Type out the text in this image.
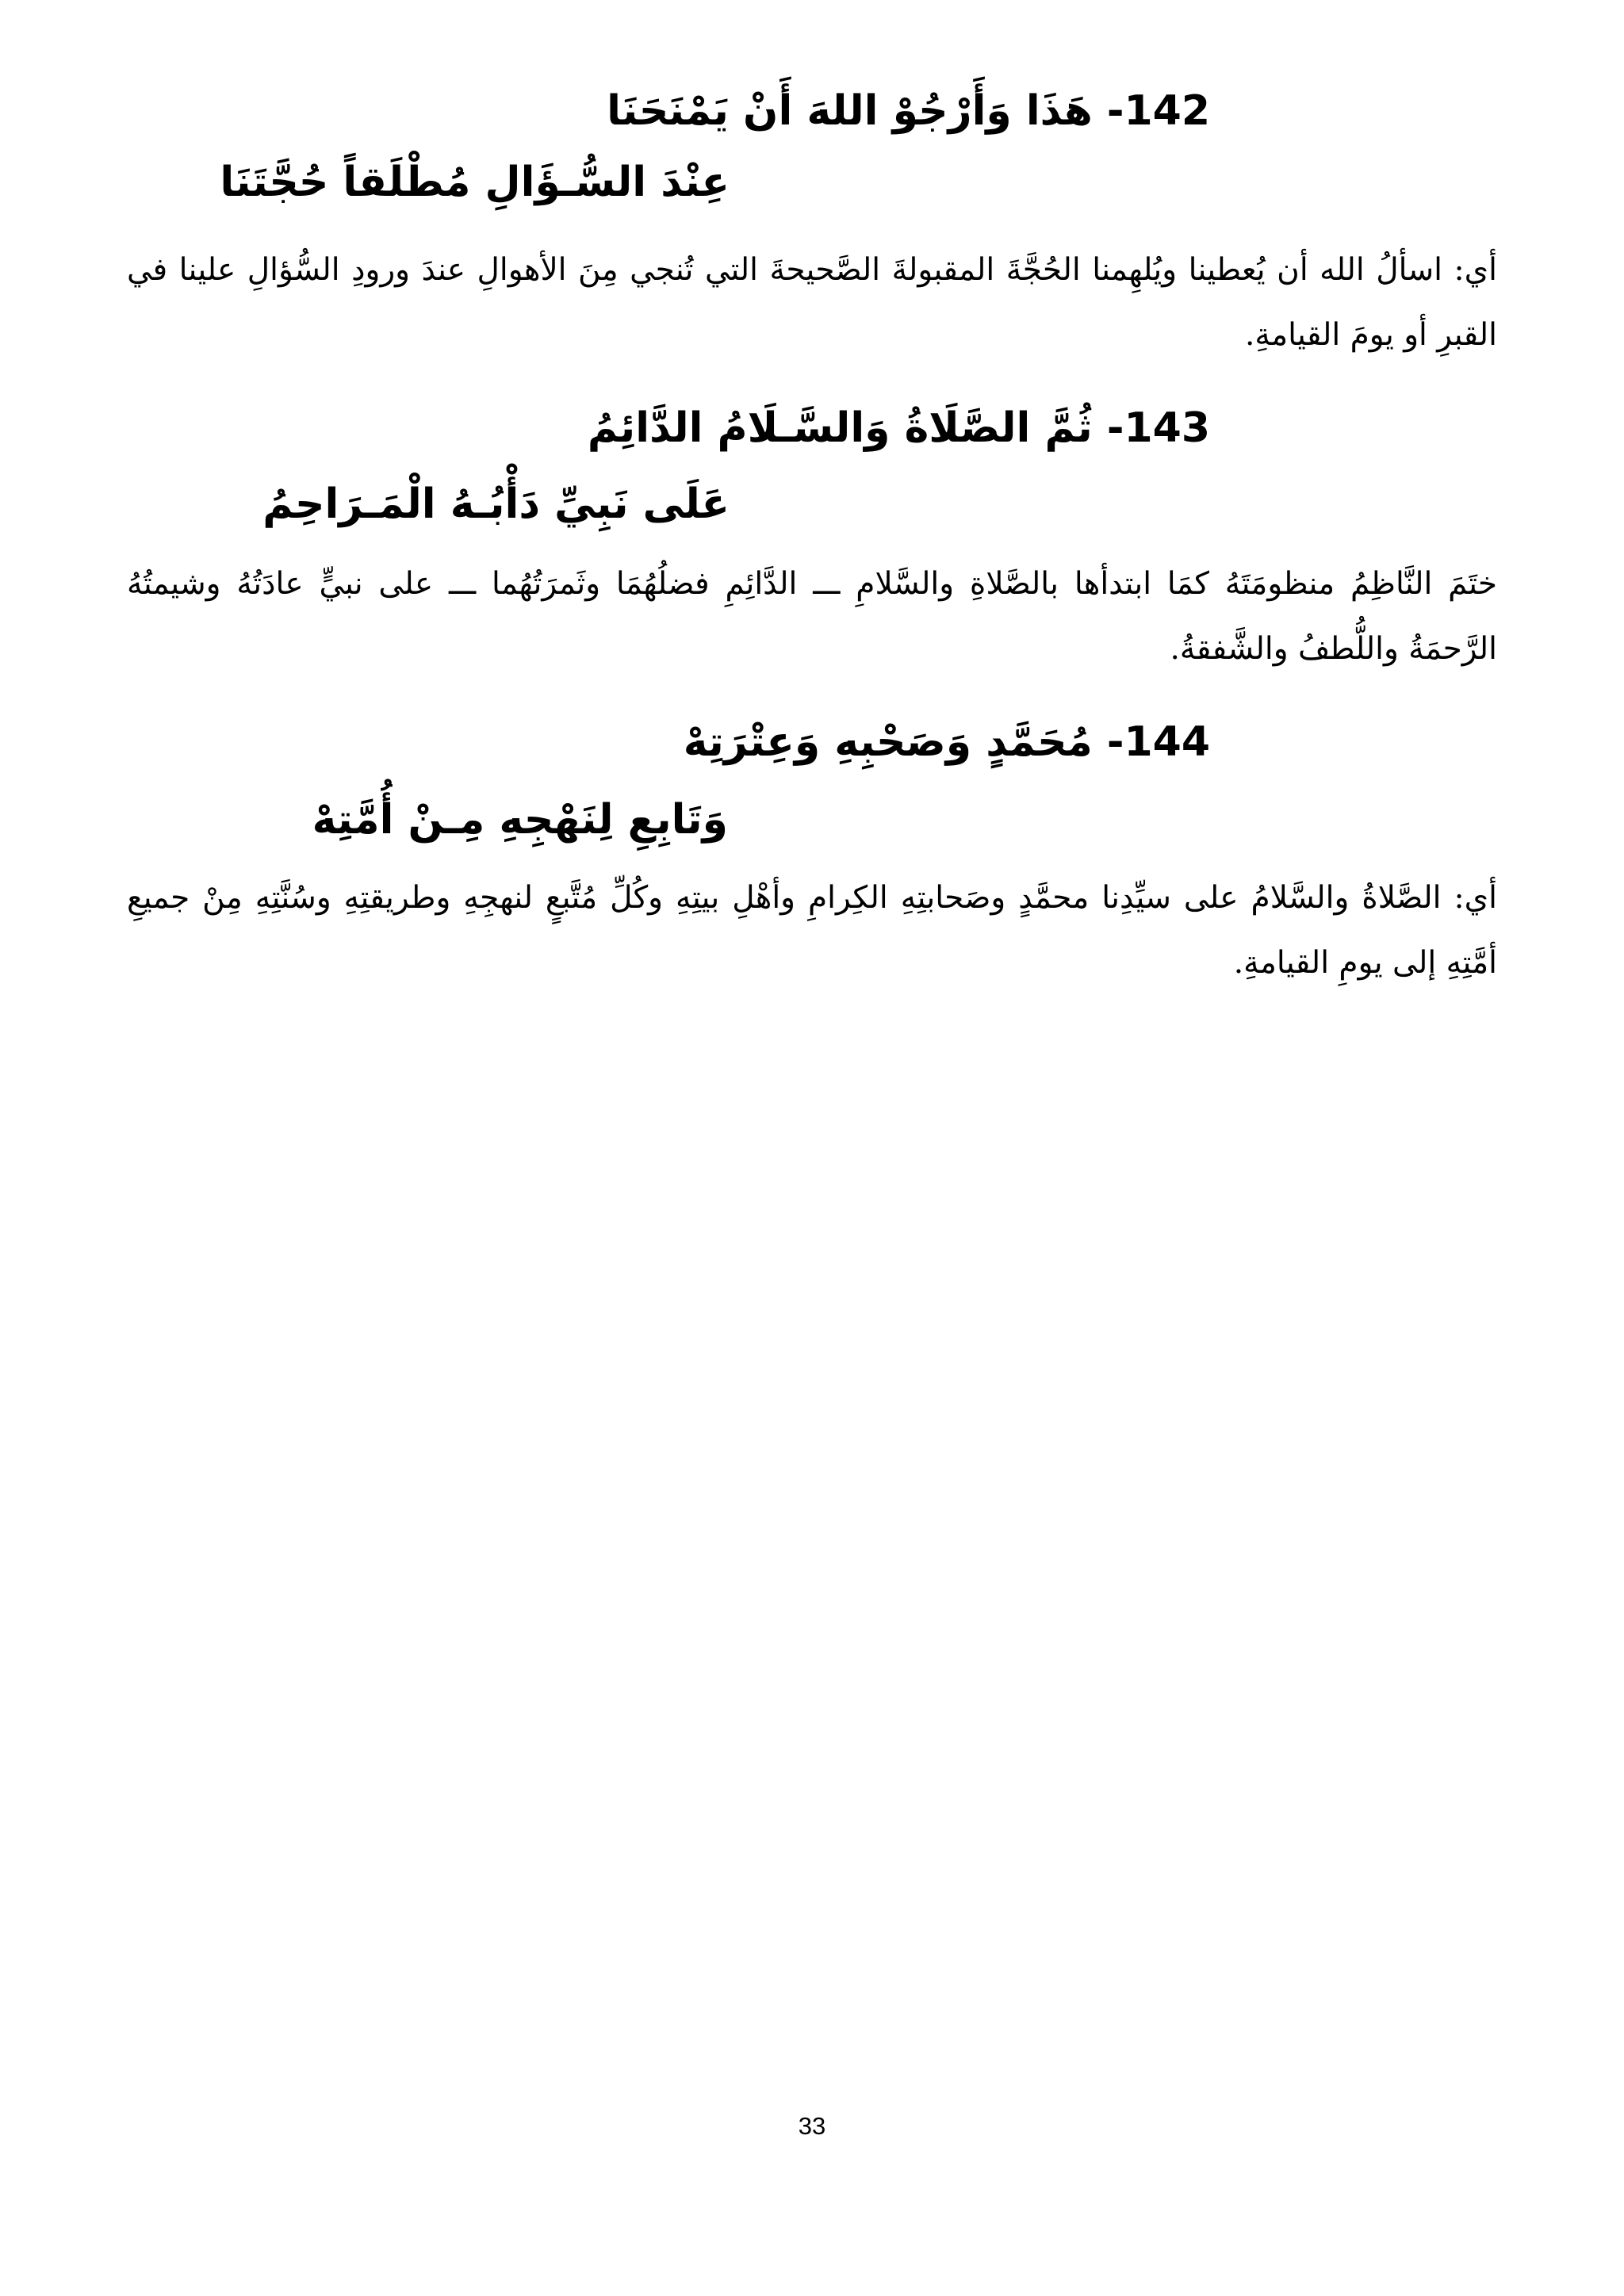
142- هَذَا وَأَرْجُوْ اللهَ أَنْ يَمْنَحَنَا
عِنْدَ السُّـؤَالِ مُطْلَقاً حُجَّتَنَا
أي: اسألُ الله أن يُعطينا ويُلهِمنا الحُجَّةَ المقبولةَ الصَّحيحةَ التي تُنجي مِنَ الأهوالِ عندَ ورودِ السُّؤالِ علينا في القبرِ أو يومَ القيامةِ.
143- ثُمَّ الصَّلَاةُ وَالسَّـلَامُ الدَّائِمُ
عَلَى نَبِيِّ دَأْبُـهُ الْمَـرَاحِمُ
ختَمَ النَّاظِمُ منظومَتَهُ كمَا ابتدأها بالصَّلاةِ والسَّلامِ ـــ الدَّائِمِ فضلُهُمَا وثَمرَتُهُما ـــ على نبيٍّ عادَتُهُ وشيمتُهُ الرَّحمَةُ واللُّطفُ والشَّفقةُ.
144- مُحَمَّدٍ وَصَحْبِهِ وَعِتْرَتِهْ
وَتَابِعِ لِنَهْجِهِ مِـنْ أُمَّتِهْ
أي: الصَّلاةُ والسَّلامُ على سيِّدِنا محمَّدٍ وصَحابتِهِ الكِرامِ وأهْلِ بيتِهِ وكُلِّ مُتَّبعٍ لنهجِهِ وطريقتِهِ وسُنَّتِهِ مِنْ جميعِ أمَّتِهِ إلى يومِ القيامةِ.
33
